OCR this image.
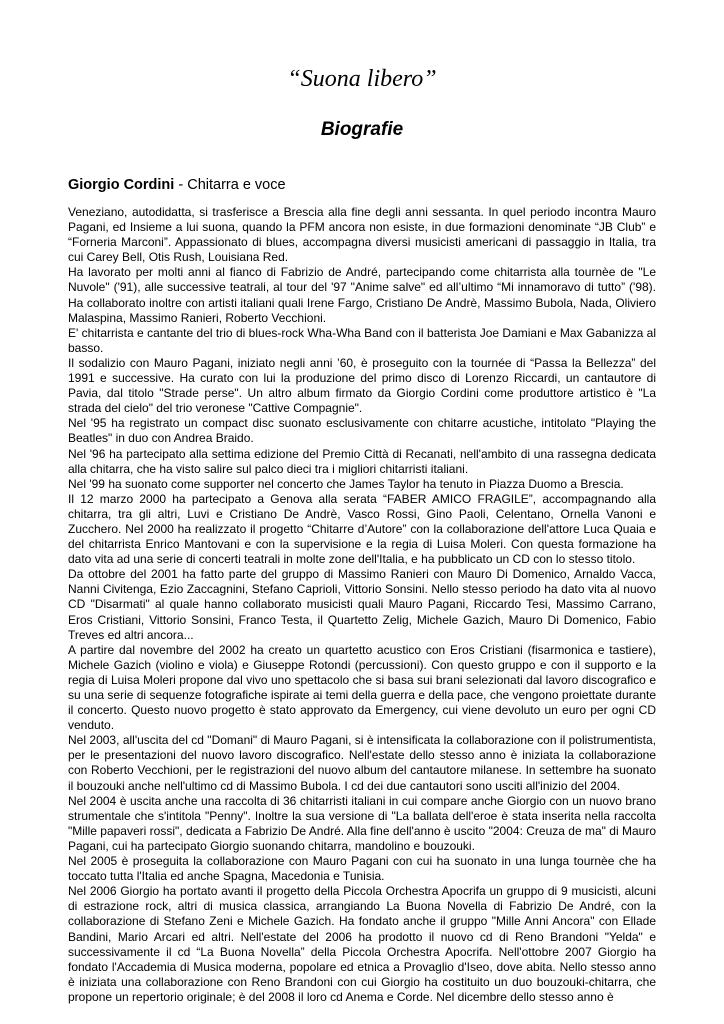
“Suona libero”
Biografie
Giorgio Cordini - Chitarra e voce

Veneziano, autodidatta, si trasferisce a Brescia alla fine degli anni sessanta. In quel periodo incontra Mauro Pagani, ed Insieme a lui suona, quando la PFM ancora non esiste, in due formazioni denominate “JB Club” e “Forneria Marconi”. Appassionato di blues, accompagna diversi musicisti americani di passaggio in Italia, tra cui Carey Bell, Otis Rush, Louisiana Red.

Ha lavorato per molti anni al fianco di Fabrizio de André, partecipando come chitarrista alla tournèe de "Le Nuvole" ('91), alle successive teatrali, al tour del '97 "Anime salve" ed all’ultimo “Mi innamoravo di tutto” ('98). Ha collaborato inoltre con artisti italiani quali Irene Fargo, Cristiano De Andrè, Massimo Bubola, Nada, Oliviero Malaspina, Massimo Ranieri, Roberto Vecchioni.

E' chitarrista e cantante del trio di blues-rock Wha-Wha Band con il batterista Joe Damiani e Max Gabanizza al basso.

Il sodalizio con Mauro Pagani, iniziato negli anni ’60, è proseguito con la tournée di “Passa la Bellezza” del 1991 e successive. Ha curato con lui la produzione del primo disco di Lorenzo Riccardi, un cantautore di Pavia, dal titolo "Strade perse". Un altro album firmato da Giorgio Cordini come produttore artistico è "La strada del cielo" del trio veronese "Cattive Compagnie".

Nel '95 ha registrato un compact disc suonato esclusivamente con chitarre acustiche, intitolato "Playing the Beatles" in duo con Andrea Braido.

Nel '96 ha partecipato alla settima edizione del Premio Città di Recanati, nell'ambito di una rassegna dedicata alla chitarra, che ha visto salire sul palco dieci tra i migliori chitarristi italiani.

Nel '99 ha suonato come supporter nel concerto che James Taylor ha tenuto in Piazza Duomo a Brescia.

Il 12 marzo 2000 ha partecipato a Genova alla serata “FABER AMICO FRAGILE”, accompagnando alla chitarra, tra gli altri, Luvi e Cristiano De Andrè, Vasco Rossi, Gino Paoli, Celentano, Ornella Vanoni e Zucchero. Nel 2000 ha realizzato il progetto “Chitarre d’Autore” con la collaborazione dell'attore Luca Quaia e del chitarrista Enrico Mantovani e con la supervisione e la regia di Luisa Moleri. Con questa formazione ha dato vita ad una serie di concerti teatrali in molte zone dell'Italia, e ha pubblicato un CD con lo stesso titolo.

Da ottobre del 2001 ha fatto parte del gruppo di Massimo Ranieri con Mauro Di Domenico, Arnaldo Vacca, Nanni Civitenga, Ezio Zaccagnini, Stefano Caprioli, Vittorio Sonsini. Nello stesso periodo ha dato vita al nuovo CD "Disarmati" al quale hanno collaborato musicisti quali Mauro Pagani, Riccardo Tesi, Massimo Carrano, Eros Cristiani, Vittorio Sonsini, Franco Testa, il Quartetto Zelig, Michele Gazich, Mauro Di Domenico, Fabio Treves ed altri ancora...

A partire dal novembre del 2002 ha creato un quartetto acustico con Eros Cristiani (fisarmonica e tastiere), Michele Gazich (violino e viola) e Giuseppe Rotondi (percussioni). Con questo gruppo e con il supporto e la regia di Luisa Moleri propone dal vivo uno spettacolo che si basa sui brani selezionati dal lavoro discografico e su una serie di sequenze fotografiche ispirate ai temi della guerra e della pace, che vengono proiettate durante il concerto. Questo nuovo progetto è stato approvato da Emergency, cui viene devoluto un euro per ogni CD venduto.

Nel 2003, all'uscita del cd "Domani" di Mauro Pagani, si è intensificata la collaborazione con il polistrumentista, per le presentazioni del nuovo lavoro discografico. Nell'estate dello stesso anno è iniziata la collaborazione con Roberto Vecchioni, per le registrazioni del nuovo album del cantautore milanese. In settembre ha suonato il bouzouki anche nell'ultimo cd di Massimo Bubola. I cd dei due cantautori sono usciti all'inizio del 2004.

Nel 2004 è uscita anche una raccolta di 36 chitarristi italiani in cui compare anche Giorgio con un nuovo brano strumentale che s'intitola "Penny". Inoltre la sua versione di "La ballata dell'eroe è stata inserita nella raccolta "Mille papaveri rossi", dedicata a Fabrizio De André. Alla fine dell'anno è uscito "2004: Creuza de ma" di Mauro Pagani, cui ha partecipato Giorgio suonando chitarra, mandolino e bouzouki.

Nel 2005 è proseguita la collaborazione con Mauro Pagani con cui ha suonato in una lunga tournèe che ha toccato tutta l'Italia ed anche Spagna, Macedonia e Tunisia.

Nel 2006 Giorgio ha portato avanti il progetto della Piccola Orchestra Apocrifa un gruppo di 9 musicisti, alcuni di estrazione rock, altri di musica classica, arrangiando La Buona Novella di Fabrizio De André, con la collaborazione di Stefano Zeni e Michele Gazich. Ha fondato anche il gruppo "Mille Anni Ancora" con Ellade Bandini, Mario Arcari ed altri. Nell'estate del 2006 ha prodotto il nuovo cd di Reno Brandoni "Yelda" e successivamente il cd “La Buona Novella” della Piccola Orchestra Apocrifa. Nell'ottobre 2007 Giorgio ha fondato l'Accademia di Musica moderna, popolare ed etnica a Provaglio d'Iseo, dove abita. Nello stesso anno è iniziata una collaborazione con Reno Brandoni con cui Giorgio ha costituito un duo bouzouki-chitarra, che propone un repertorio originale; è del 2008 il loro cd Anema e Corde. Nel dicembre dello stesso anno è
